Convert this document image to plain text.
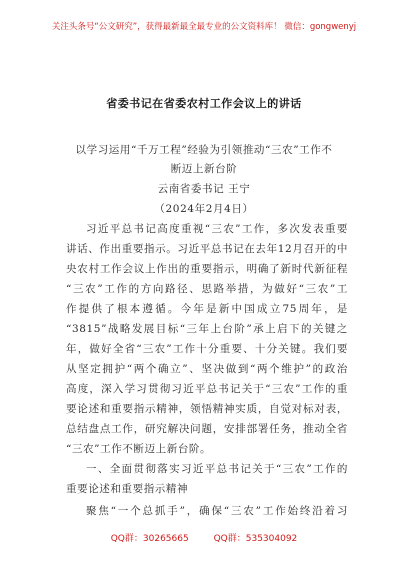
关注头条号“公文研究”，获得最新最全最专业的公文资料库！ 微信：gongwenyj
省委书记在省委农村工作会议上的讲话
以学习运用“千万工程”经验为引领推动“三农”工作不
断迈上新台阶
云南省委书记 王宁
（2024年2月4日）
习近平总书记高度重视“三农”工作，多次发表重要
讲话、作出重要指示。习近平总书记在去年12月召开的中
央农村工作会议上作出的重要指示，明确了新时代新征程
“三农”工作的方向路径、思路举措，为做好“三农”工
作提供了根本遵循。今年是新中国成立75周年，是
“3815”战略发展目标“三年上台阶”承上启下的关键之
年，做好全省“三农”工作十分重要、十分关键。我们要
从坚定拥护“两个确立”、坚决做到“两个维护”的政治
高度，深入学习贯彻习近平总书记关于“三农”工作的重
要论述和重要指示精神，领悟精神实质，自觉对标对表，
总结盘点工作，研究解决问题，安排部署任务，推动全省
“三农”工作不断迈上新台阶。
一、全面贯彻落实习近平总书记关于“三农”工作的
重要论述和重要指示精神
聚焦“一个总抓手”，确保“三农”工作始终沿着习
QQ群：30265665	QQ群：535304092
